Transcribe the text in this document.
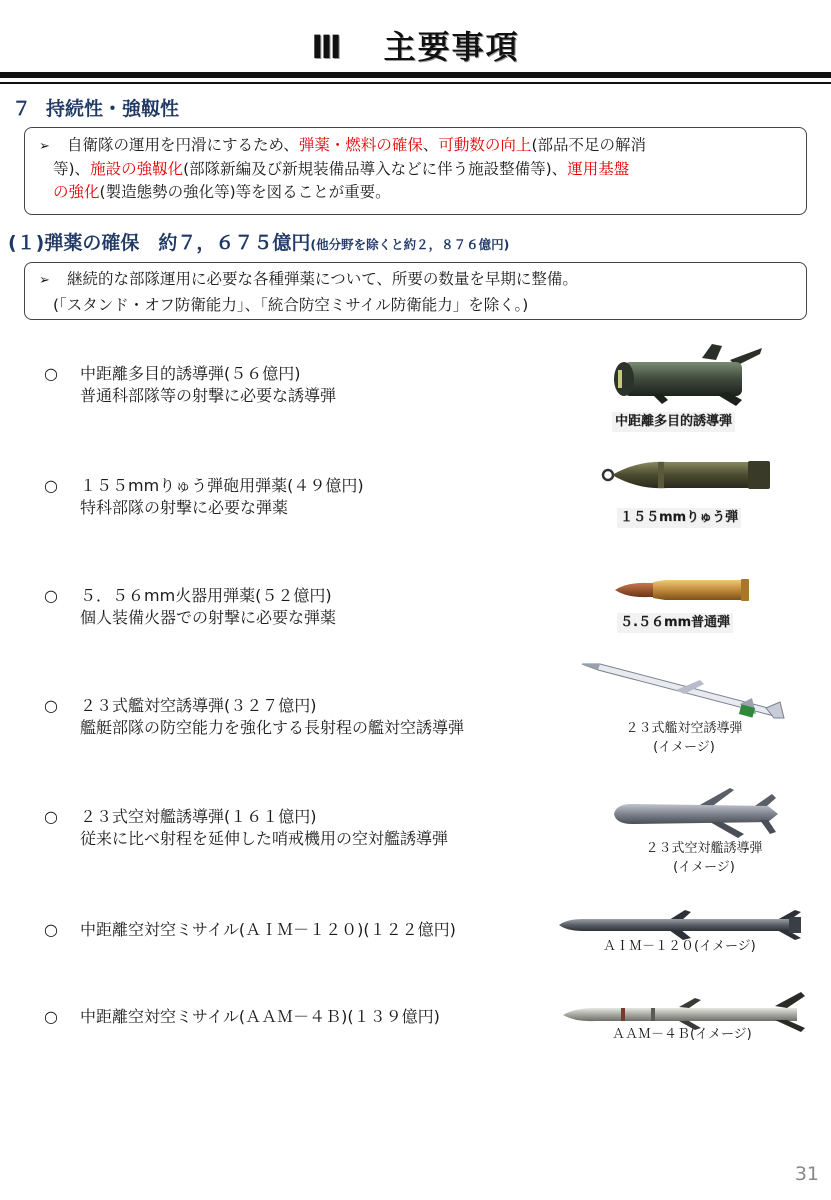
Ⅲ 主要事項
７ 持続性・強靱性
➢ 自衛隊の運用を円滑にするため、弾薬・燃料の確保、可動数の向上(部品不足の解消
等)、施設の強靱化(部隊新編及び新規装備品導入などに伴う施設整備等)、運用基盤
の強化(製造態勢の強化等)等を図ることが重要。
(１)弾薬の確保　約７，６７５億円(他分野を除くと約２，８７６億円)
➢ 継続的な部隊運用に必要な各種弾薬について、所要の数量を早期に整備。
(「スタンド・オフ防衛能力」、「統合防空ミサイル防衛能力」を除く。)
○ 中距離多目的誘導弾(５６億円)
普通科部隊等の射撃に必要な誘導弾
中距離多目的誘導弾
○ １５５mmりゅう弾砲用弾薬(４９億円)
特科部隊の射撃に必要な弾薬
１５５mmりゅう弾
○ ５．５６mm火器用弾薬(５２億円)
個人装備火器での射撃に必要な弾薬	５.５６mm普通弾
○ ２３式艦対空誘導弾(３２７億円)
艦艇部隊の防空能力を強化する長射程の艦対空誘導弾	２３式艦対空誘導弾
(イメージ)
○ ２３式空対艦誘導弾(１６１億円)
従来に比べ射程を延伸した哨戒機用の空対艦誘導弾
２３式空対艦誘導弾
(イメージ)
○ 中距離空対空ミサイル(ＡＩＭ－１２０)(１２２億円)
ＡＩＭ－１２０(イメージ)
○ 中距離空対空ミサイル(ＡＡＭ－４Ｂ)(１３９億円)
ＡＡＭ－４Ｂ(イメージ)
31
